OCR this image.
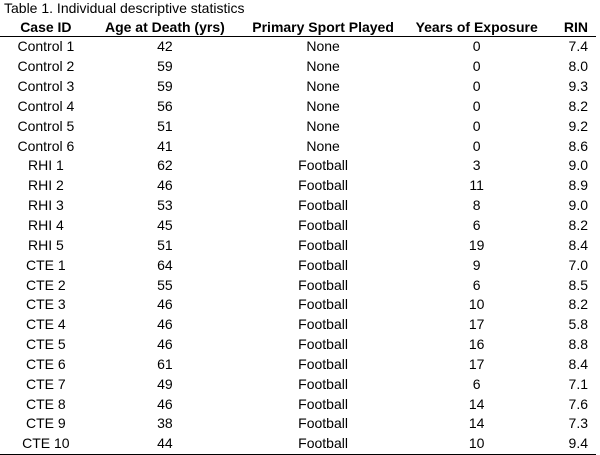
Table 1. Individual descriptive statistics
Case ID	Age at Death (yrs)	Primary Sport Played	Years of Exposure	RIN
Control 1	42	None	0	7.4
Control 2	59	None	0	8.0
Control 3	59	None	0	9.3
Control 4	56	None	0	8.2
Control 5	51	None	0	9.2
Control 6	41	None	0	8.6
RHI 1	62	Football	3	9.0
RHI 2	46	Football	11	8.9
RHI 3	53	Football	8	9.0
RHI 4	45	Football	6	8.2
RHI 5	51	Football	19	8.4
CTE 1	64	Football	9	7.0
CTE 2	55	Football	6	8.5
CTE 3	46	Football	10	8.2
CTE 4	46	Football	17	5.8
CTE 5	46	Football	16	8.8
CTE 6	61	Football	17	8.4
CTE 7	49	Football	6	7.1
CTE 8	46	Football	14	7.6
CTE 9	38	Football	14	7.3
CTE 10	44	Football	10	9.4
